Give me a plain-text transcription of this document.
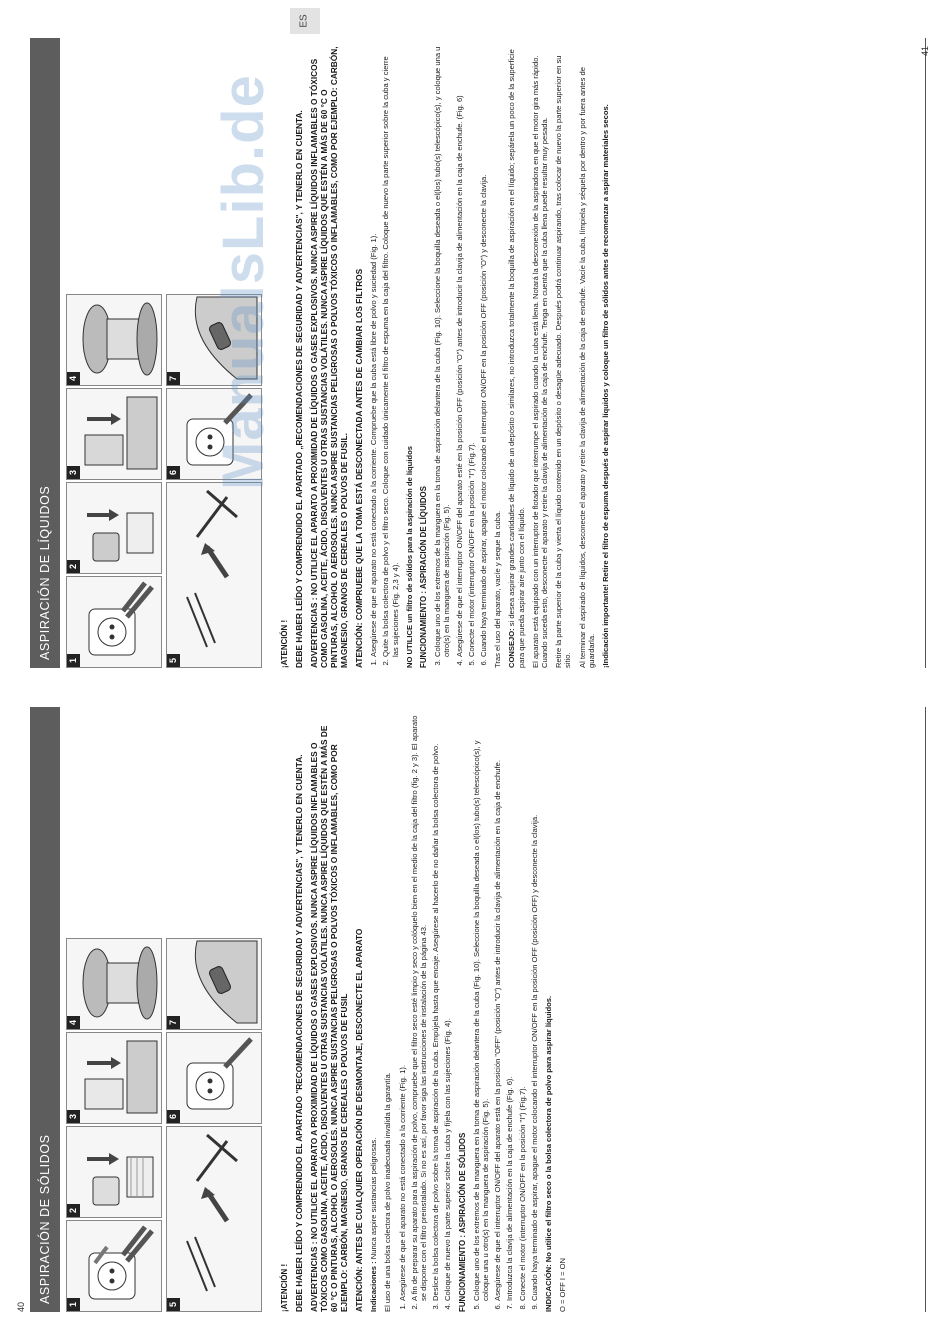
ASPIRACIÓN DE SÓLIDOS
1
2
3
4
5
6
7

¡ATENCIÓN ! DEBE HABER LEÍDO Y COMPRENDIDO EL APARTADO "RECOMENDACIONES DE SEGURIDAD Y ADVERTENCIAS", Y TENERLO EN CUENTA. ADVERTENCIAS : NO UTILICE EL APARATO A PROXIMIDAD DE LÍQUIDOS O GASES EXPLOSIVOS. NUNCA ASPIRE LÍQUIDOS INFLAMABLES O TÓXICOS COMO GASOLINA, ACEITE, ÁCIDO, DISOLVENTES U OTRAS SUSTANCIAS VOLÁTILES. NUNCA ASPIRE LÍQUIDOS QUE ESTÉN A MÁS DE 60 °C O PINTURAS, ALCOHOL O AEROSOLES. NUNCA ASPIRE SUSTANCIAS PELIGROSAS O POLVOS TÓXICOS O INFLAMABLES, COMO POR EJEMPLO: CARBÓN, MAGNESIO, GRANOS DE CEREALES O POLVOS DE FUSIL ATENCIÓN: ANTES DE CUALQUIER OPERACIÓN DE DESMONTAJE, DESCONECTE EL APARATO Indicaciones : Nunca aspire sustancias peligrosas. El uso de una bolsa colectora de polvo inadecuada invalida la garantía. 1. Asegúrese de que el aparato no está conectado a la corriente (Fig. 1). 2. A fin de preparar su aparato para la aspiración de polvo, compruebe que el filtro seco esté limpio y seco y colóquelo bien en el medio de la caja del filtro (fig. 2 y 3). El aparato se dispone con el filtro preinstalado. Si no es así, por favor siga las instrucciones de instalación de la página 43. 3. Deslice la bolsa colectora de polvo sobre la toma de aspiración de la cuba. Empújela hasta que encaje. Asegúrese al hacerlo de no dañar la bolsa colectora de polvo. 4. Coloque de nuevo la parte superior sobre la cuba y fíjela con las sujeciones (Fig. 4). FUNCIONAMIENTO : ASPIRACIÓN DE SÓLIDOS 5. Coloque uno de los extremos de la manguera en la toma de aspiración delantera de la cuba (Fig. 10). Seleccione la boquilla deseada o el(los) tubo(s) telescópico(s), y coloque una u otro(s) en la manguera de aspiración (Fig. 5). 6. Asegúrese de que el interruptor ON/OFF del aparato está en la posición "OFF" (posición "O") antes de introducir la clavija de alimentación en la caja de enchufe. 7. Introduzca la clavija de alimentación en la caja de enchufe (Fig. 6). 8. Conecte el motor (interruptor ON/OFF en la posición "I") (Fig.7). 9. Cuando haya terminado de aspirar, apague el motor colocando el interruptor ON/OFF en la posición OFF (posición OFF) y desconecte la clavija. INDICACIÓN: No utilice el filtro seco o la bolsa colectora de polvo para aspirar líquidos. O = OFF I = ON

40
ASPIRACIÓN DE LÍQUIDOS
1
2
3
4
5
6
7

¡ATENCIÓN ! DEBE HABER LEÍDO Y COMPRENDIDO EL APARTADO „RECOMENDACIONES DE SEGURIDAD Y ADVERTENCIAS", Y TENERLO EN CUENTA. ADVERTENCIAS : NO UTILICE EL APARATO A PROXIMIDAD DE LÍQUIDOS O GASES EXPLOSIVOS. NUNCA ASPIRE LÍQUIDOS INFLAMABLES O TÓXICOS COMO GASOLINA, ACEITE, ÁCIDO, DISOLVENTES U OTRAS SUSTANCIAS VOLÁTILES. NUNCA ASPIRE LÍQUIDOS QUE ESTÉN A MÁS DE 60 °C O PINTURAS, ALCOHOL O AEROSOLES. NUNCA ASPIRE SUSTANCIAS PELIGROSAS O POLVOS TÓXICOS O INFLAMABLES, COMO POR EJEMPLO: CARBÓN, MAGNESIO, GRANOS DE CEREALES O POLVOS DE FUSIL. ATENCIÓN: COMPRUEBE QUE LA TOMA ESTÁ DESCONECTADA ANTES DE CAMBIAR LOS FILTROS 1. Asegúrese de que el aparato no está conectado a la corriente. Compruebe que la cuba está libre de polvo y suciedad (Fig. 1). 2. Quite la bolsa colectora de polvo y el filtro seco. Coloque con cuidado únicamente el filtro de espuma en la caja del filtro. Coloque de nuevo la parte superior sobre la cuba y cierre las sujeciones (Fig. 2,3 y 4). NO UTILICE un filtro de sólidos para la aspiración de líquidos FUNCIONAMIENTO : ASPIRACIÓN DE LÍQUIDOS 3. Coloque uno de los extremos de la manguera en la toma de aspiración delantera de la cuba (Fig. 10). Seleccione la boquilla deseada o el(los) tubo(s) telescópico(s), y coloque una u otro(s) en la manguera de aspiración (Fig. 5). 4. Asegúrese de que el interruptor ON/OFF del aparato esté en la posición OFF (posición "O") antes de introducir la clavija de alimentación en la caja de enchufe. (Fig. 6) 5. Conecte el motor (interruptor ON/OFF en la posición "I") (Fig.7). 6. Cuando haya terminado de aspirar, apague el motor colocando el interruptor ON/OFF en la posición OFF (posición "O") y desconecte la clavija. Tras el uso del aparato, vacíe y seque la cuba. CONSEJO: si desea aspirar grandes cantidades de líquido de un depósito o similares, no introduzca totalmente la boquilla de aspiración en el líquido; sepárela un poco de la superficie para que pueda aspirar aire junto con el líquido. El aparato está equipado con un interruptor de flotador que interrumpe el aspirado cuando la cuba está llena. Notará la desconexión de la aspiradora en que el motor gira más rápido. Cuando suceda esto, desconecte el aparato y retire la clavija de alimentación de la caja de enchufe. Tenga en cuenta que la cuba llena puede resultar muy pesada. Retire la parte superior de la cuba y vierta el líquido contenido en un depósito o desagüe adecuado. Después podrá continuar aspirando, tras colocar de nuevo la parte superior en su sitio. Al terminar el aspirado de líquidos, desconecte el aparato y retire la clavija de alimentación de la caja de enchufe. Vacíe la cuba, límpiela y séquela por dentro y por fuera antes de guardarla. ¡Indicación importante! Retire el filtro de espuma después de aspirar líquidos y coloque un filtro de sólidos antes de recomenzar a aspirar materiales secos.

41
ES
ManualsLib.de
